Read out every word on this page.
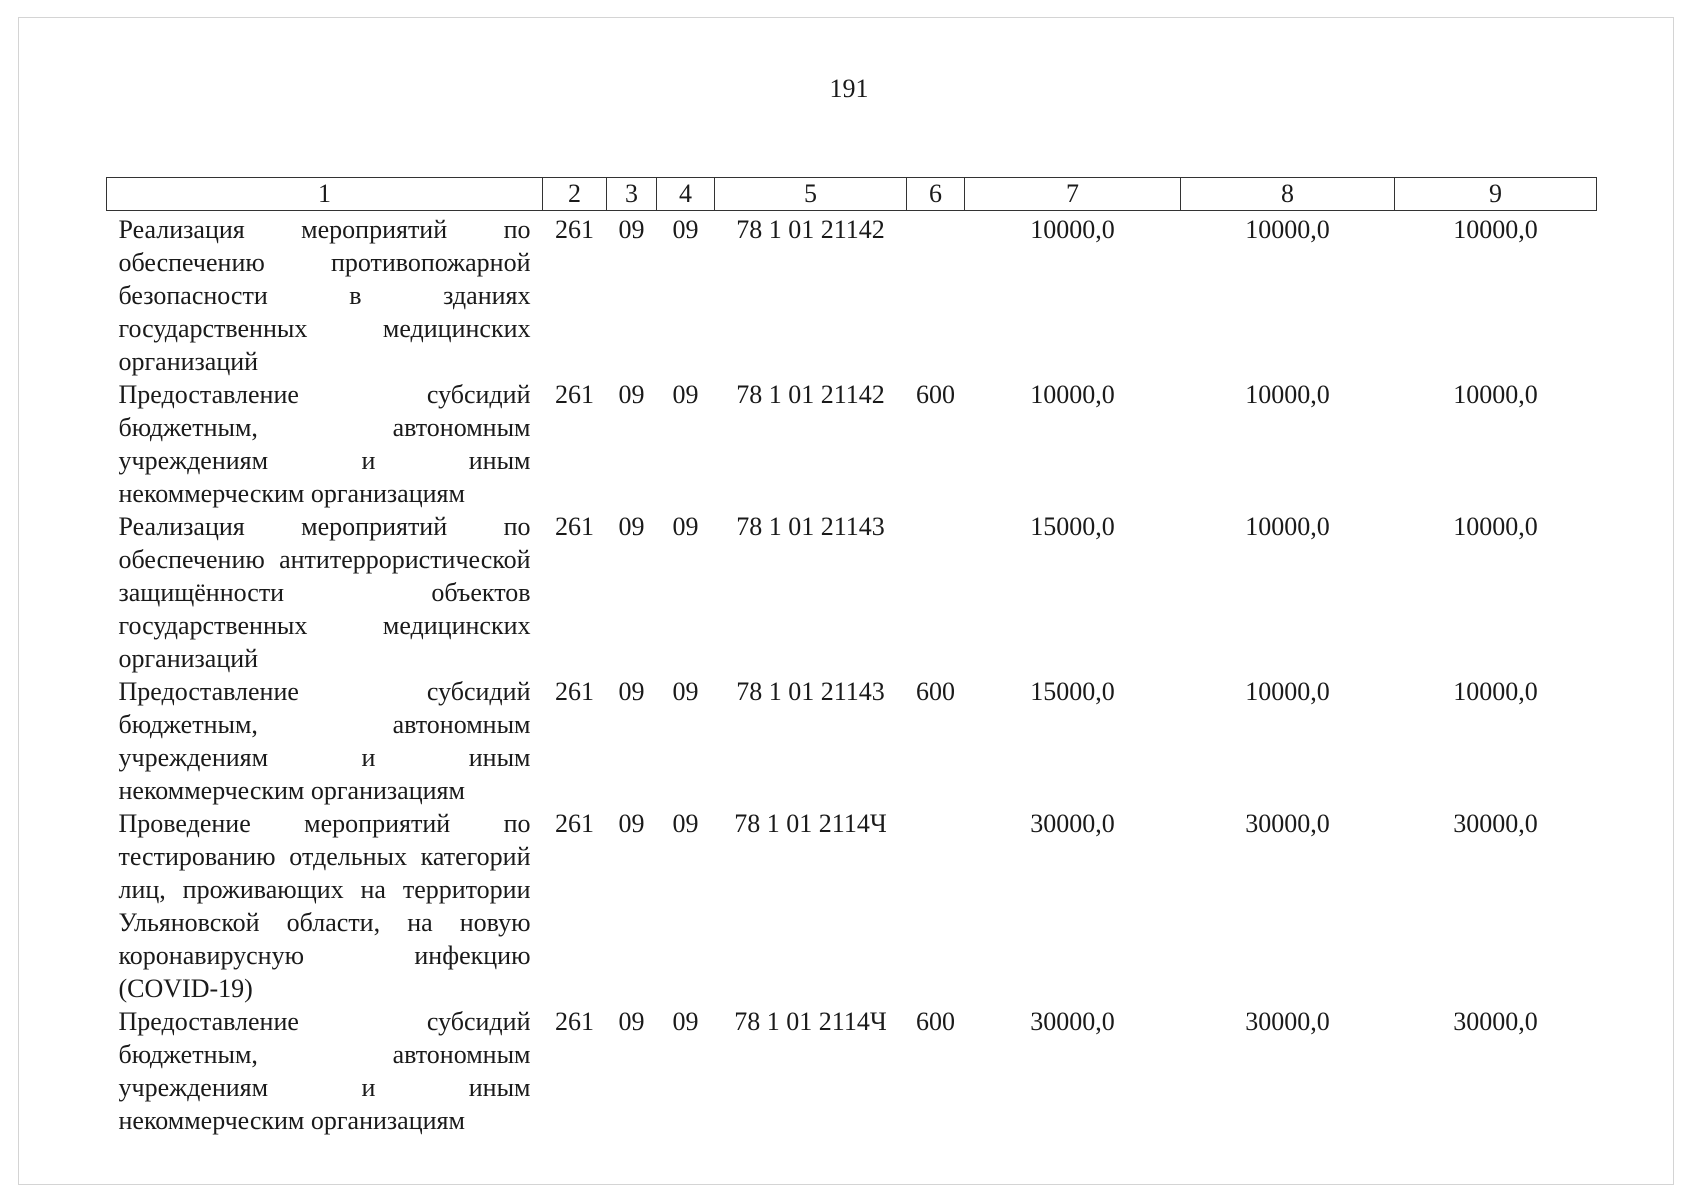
191
1	2	3	4	5	6	7	8	9
Реализация мероприятий по обеспечению противопожарной безопасности в зданиях государственных медицинских организаций	261	09	09	78 1 01 21142		10000,0	10000,0	10000,0
Предоставление субсидий бюджетным, автономным учреждениям и иным некоммерческим организациям	261	09	09	78 1 01 21142	600	10000,0	10000,0	10000,0
Реализация мероприятий по обеспечению антитеррористической защищённости объектов государственных медицинских организаций	261	09	09	78 1 01 21143		15000,0	10000,0	10000,0
Предоставление субсидий бюджетным, автономным учреждениям и иным некоммерческим организациям	261	09	09	78 1 01 21143	600	15000,0	10000,0	10000,0
Проведение мероприятий по тестированию отдельных категорий лиц, проживающих на территории Ульяновской области, на новую коронавирусную инфекцию (COVID-19)	261	09	09	78 1 01 2114Ч		30000,0	30000,0	30000,0
Предоставление субсидий бюджетным, автономным учреждениям и иным некоммерческим организациям	261	09	09	78 1 01 2114Ч	600	30000,0	30000,0	30000,0
